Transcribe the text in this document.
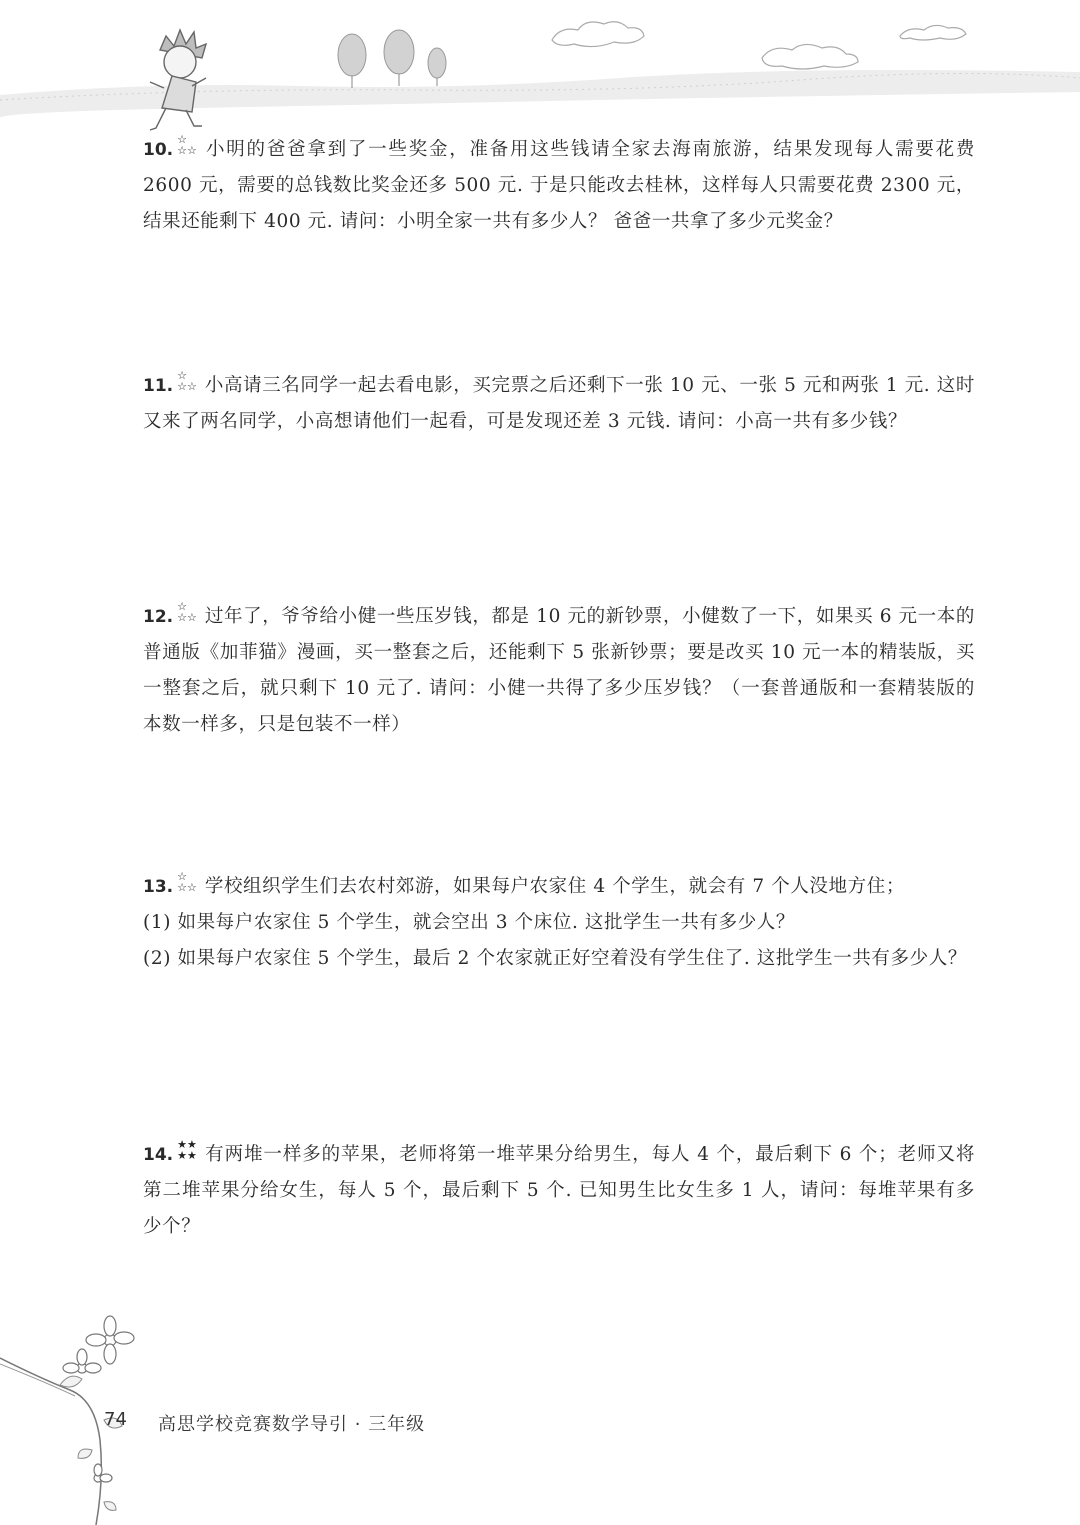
10.
☆
☆☆ 小明的爸爸拿到了一些奖金，准备用这些钱请全家去海南旅游，结果发现每人需要花费 2600 元，需要的总钱数比奖金还多 500 元. 于是只能改去桂林，这样每人只需要花费 2300 元，结果还能剩下 400 元. 请问：小明全家一共有多少人？ 爸爸一共拿了多少元奖金？

11.
☆
☆☆ 小高请三名同学一起去看电影，买完票之后还剩下一张 10 元、一张 5 元和两张 1 元. 这时又来了两名同学，小高想请他们一起看，可是发现还差 3 元钱. 请问：小高一共有多少钱？

12.
☆
☆☆ 过年了，爷爷给小健一些压岁钱，都是 10 元的新钞票，小健数了一下，如果买 6 元一本的普通版《加菲猫》漫画，买一整套之后，还能剩下 5 张新钞票；要是改买 10 元一本的精装版，买一整套之后，就只剩下 10 元了. 请问：小健一共得了多少压岁钱？（一套普通版和一套精装版的本数一样多，只是包装不一样）

13.
☆
☆☆ 学校组织学生们去农村郊游，如果每户农家住 4 个学生，就会有 7 个人没地方住；

(1) 如果每户农家住 5 个学生，就会空出 3 个床位. 这批学生一共有多少人？

(2) 如果每户农家住 5 个学生，最后 2 个农家就正好空着没有学生住了. 这批学生一共有多少人？

14.
★★
★★ 有两堆一样多的苹果，老师将第一堆苹果分给男生，每人 4 个，最后剩下 6 个；老师又将第二堆苹果分给女生，每人 5 个，最后剩下 5 个. 已知男生比女生多 1 人，请问：每堆苹果有多少个？

74 高思学校竞赛数学导引 · 三年级
